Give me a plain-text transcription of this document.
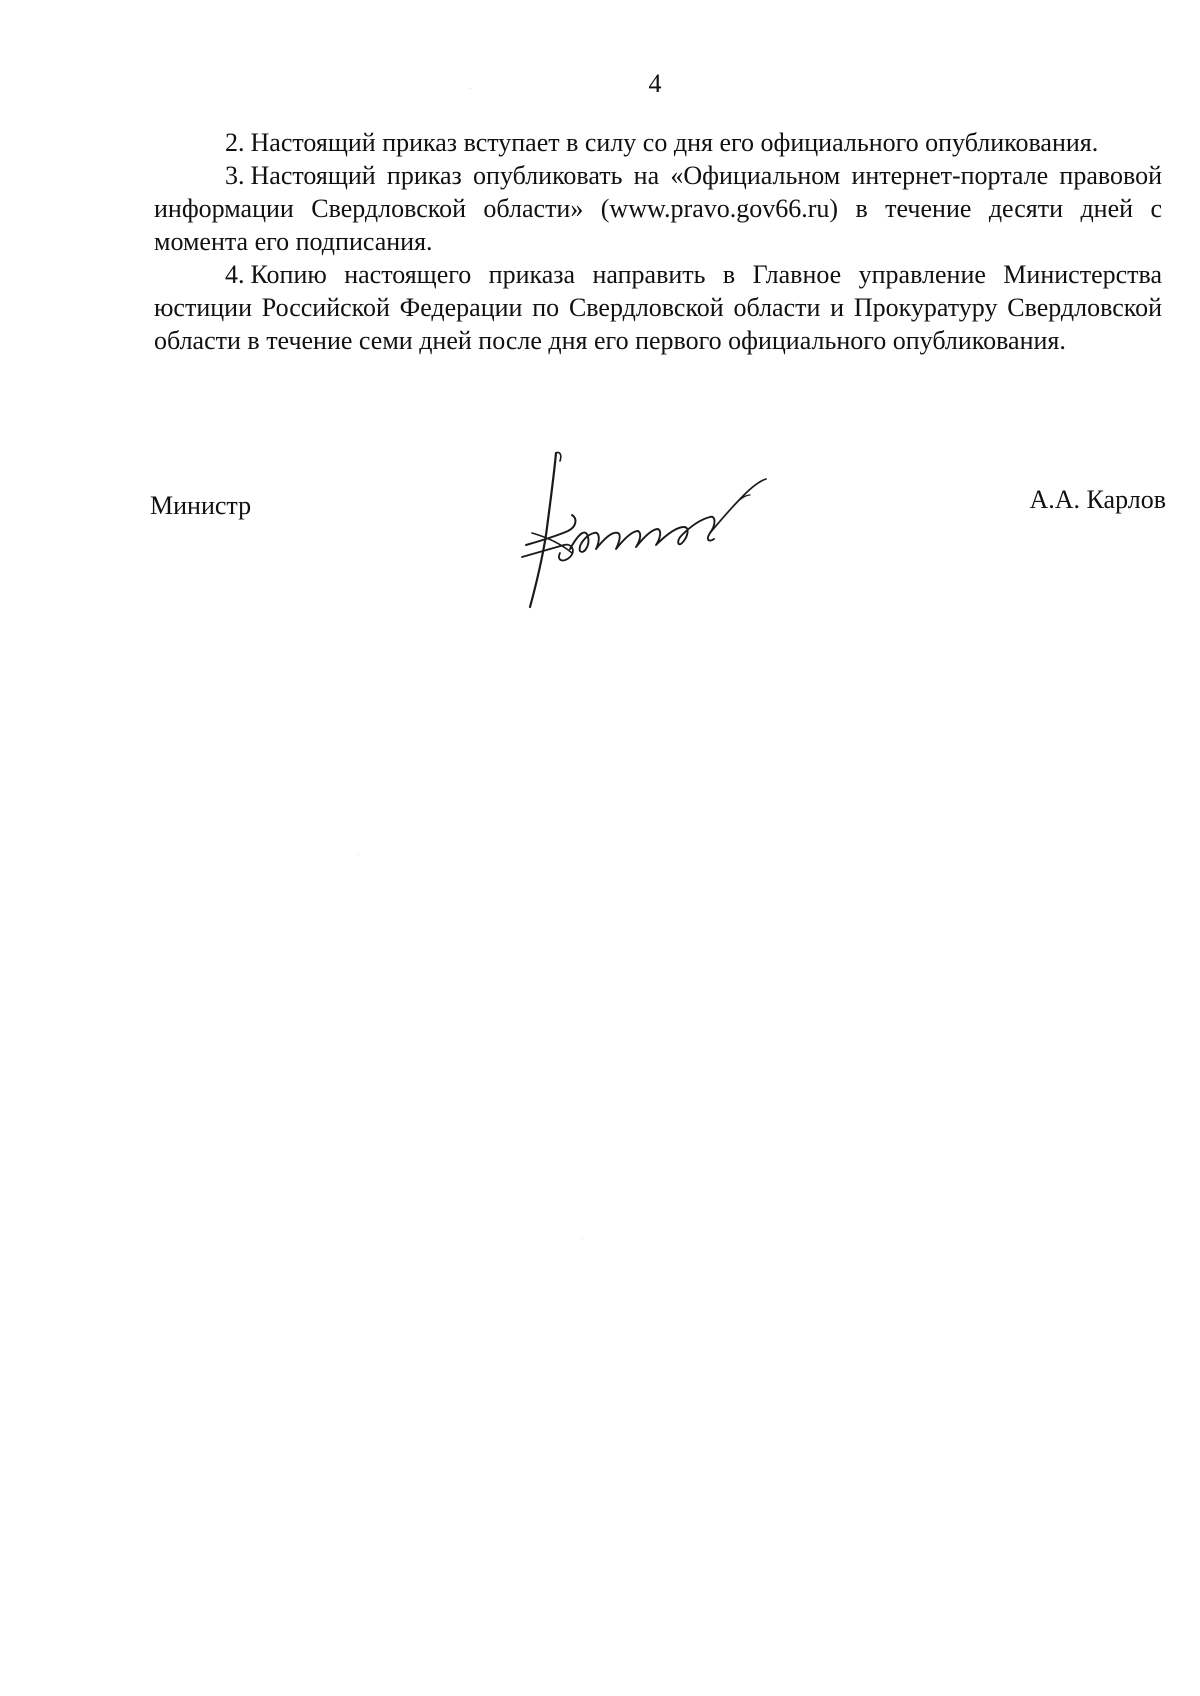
4

2. Настоящий приказ вступает в силу со дня его официального опубликования.

3. Настоящий приказ опубликовать на «Официальном интернет-портале правовой информации Свердловской области» (www.pravo.gov66.ru) в течение десяти дней с момента его подписания.

4. Копию настоящего приказа направить в Главное управление Министерства юстиции Российской Федерации по Свердловской области и Прокуратуру Свердловской области в течение семи дней после дня его первого официального опубликования.

Министр	А.А. Карлов
